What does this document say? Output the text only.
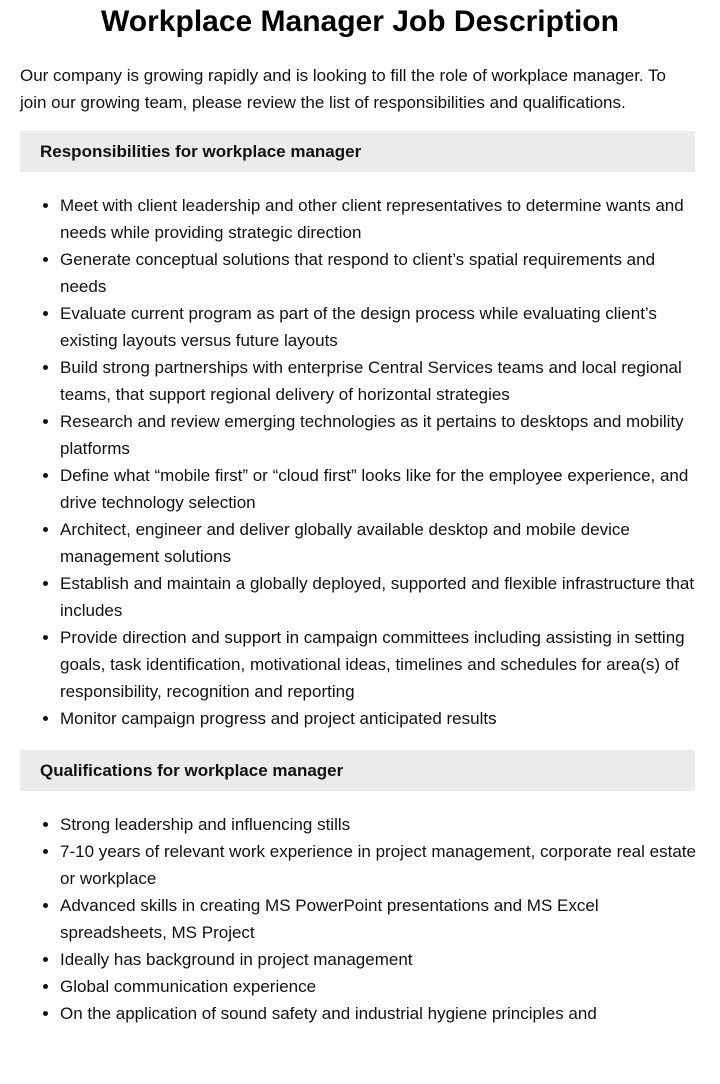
Workplace Manager Job Description

Our company is growing rapidly and is looking to fill the role of workplace manager. To join our growing team, please review the list of responsibilities and qualifications.

Responsibilities for workplace manager
• Meet with client leadership and other client representatives to determine wants and needs while providing strategic direction
• Generate conceptual solutions that respond to client’s spatial requirements and needs
• Evaluate current program as part of the design process while evaluating client’s existing layouts versus future layouts
• Build strong partnerships with enterprise Central Services teams and local regional teams, that support regional delivery of horizontal strategies
• Research and review emerging technologies as it pertains to desktops and mobility platforms
• Define what “mobile first” or “cloud first” looks like for the employee experience, and drive technology selection
• Architect, engineer and deliver globally available desktop and mobile device management solutions
• Establish and maintain a globally deployed, supported and flexible infrastructure that includes
• Provide direction and support in campaign committees including assisting in setting goals, task identification, motivational ideas, timelines and schedules for area(s) of responsibility, recognition and reporting
• Monitor campaign progress and project anticipated results
Qualifications for workplace manager
• Strong leadership and influencing stills
• 7-10 years of relevant work experience in project management, corporate real estate or workplace
• Advanced skills in creating MS PowerPoint presentations and MS Excel spreadsheets, MS Project
• Ideally has background in project management
• Global communication experience
• On the application of sound safety and industrial hygiene principles and
